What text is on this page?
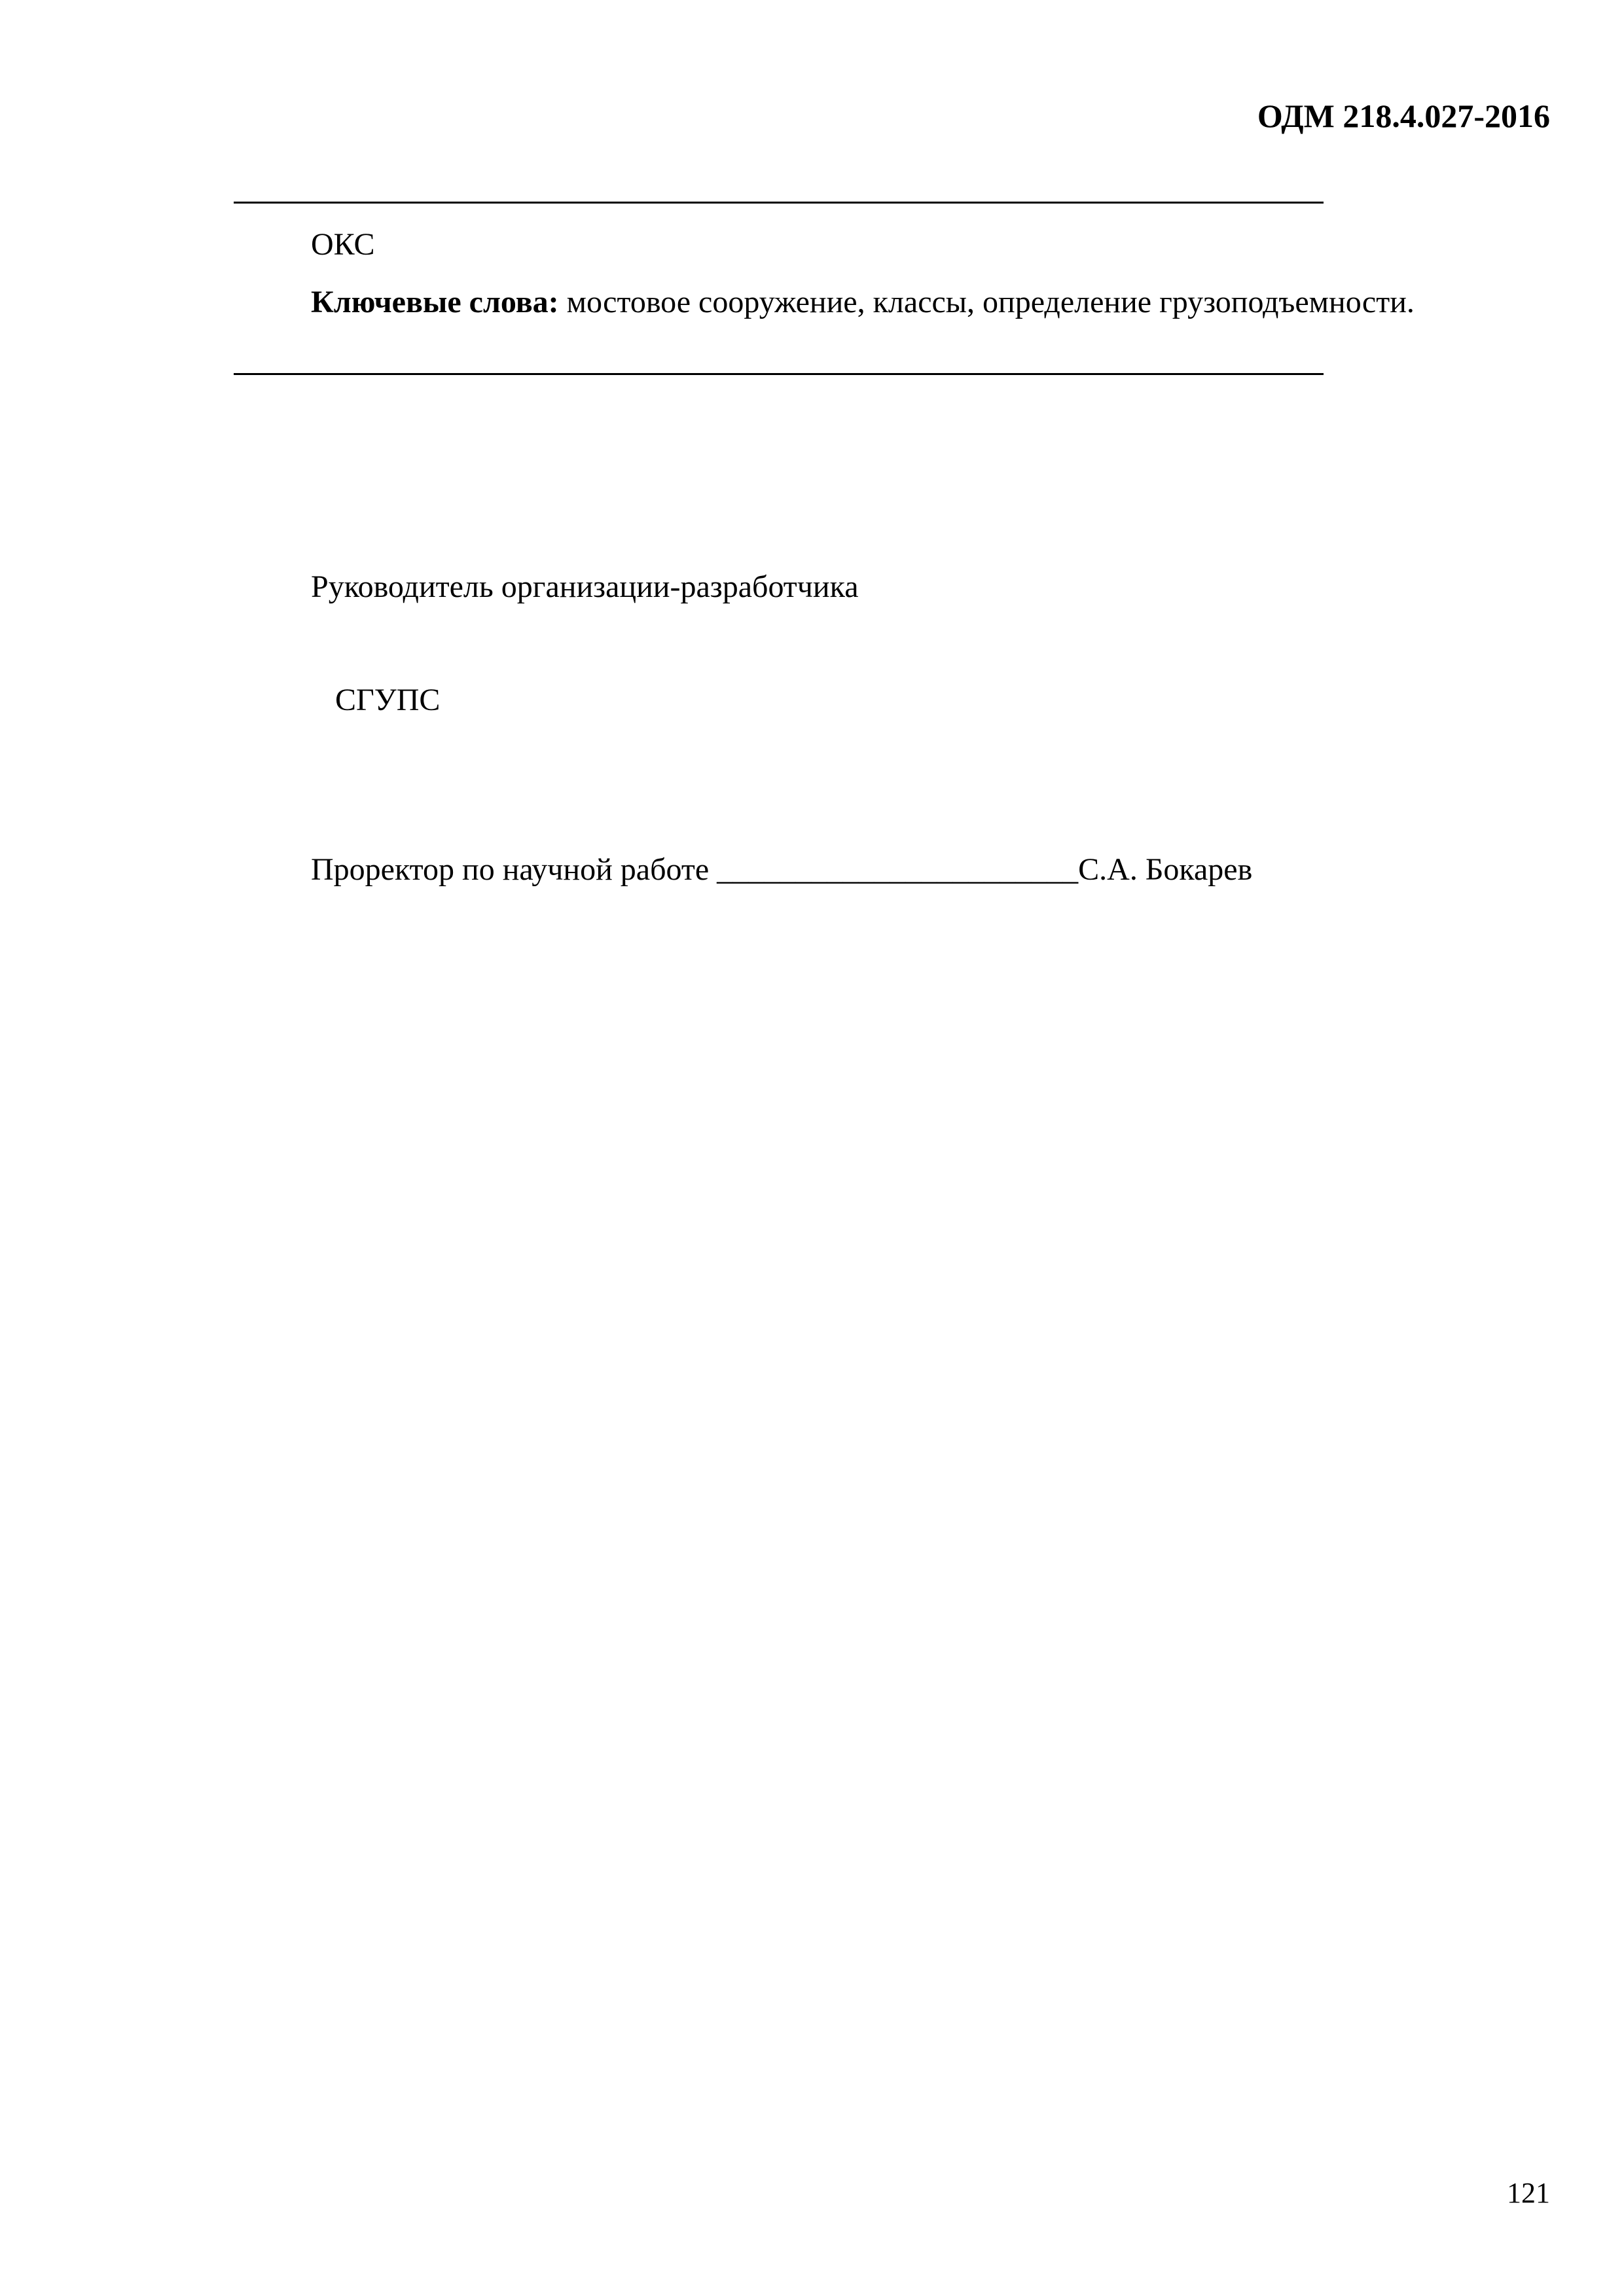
ОДМ 218.4.027-2016
ОКС
Ключевые слова: мостовое сооружение, классы, определение грузоподъемности.
Руководитель организации-разработчика
СГУПС
Проректор по научной работе _______________________С.А. Бокарев
121
